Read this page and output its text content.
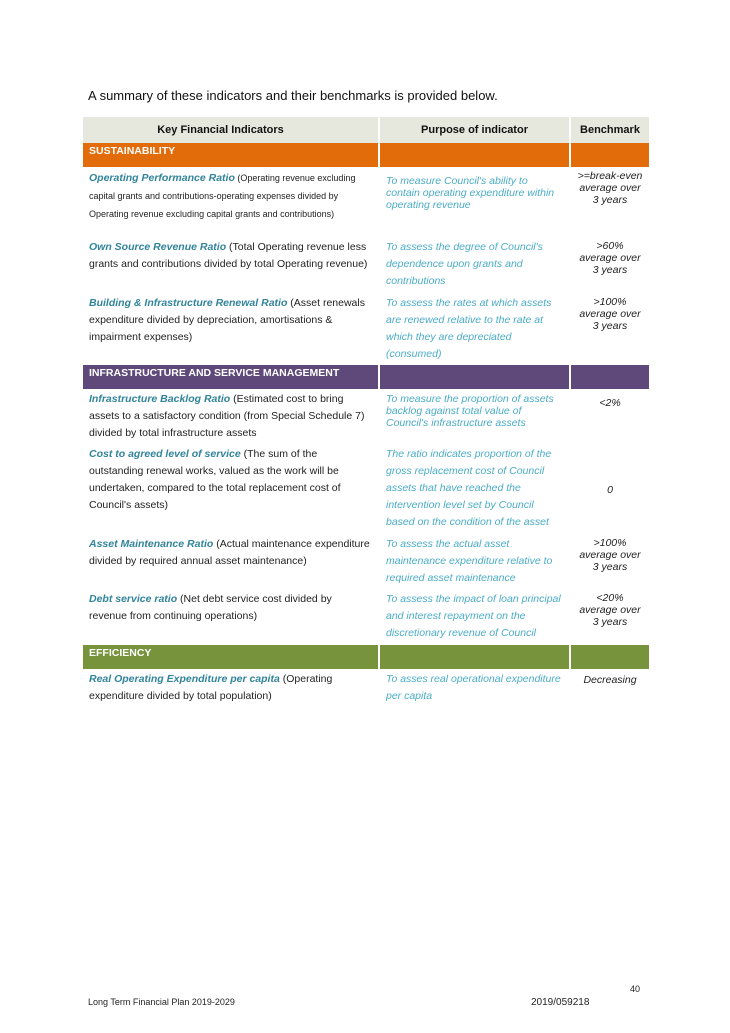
A summary of these indicators and their benchmarks is provided below.

Key Financial Indicators	Purpose of indicator	Benchmark
SUSTAINABILITY		
Operating Performance Ratio (Operating revenue excluding capital grants and contributions-operating expenses divided by Operating revenue excluding capital grants and contributions)	To measure Council's ability to contain operating expenditure within operating revenue	>=break-even average over 3 years
Own Source Revenue Ratio (Total Operating revenue less grants and contributions divided by total Operating revenue)	To assess the degree of Council's dependence upon grants and contributions	>60% average over 3 years
Building & Infrastructure Renewal Ratio (Asset renewals expenditure divided by depreciation, amortisations & impairment expenses)	To assess the rates at which assets are renewed relative to the rate at which they are depreciated (consumed)	>100% average over 3 years
INFRASTRUCTURE AND SERVICE MANAGEMENT		
Infrastructure Backlog Ratio (Estimated cost to bring assets to a satisfactory condition (from Special Schedule 7) divided by total infrastructure assets	To measure the proportion of assets backlog against total value of Council's infrastructure assets	<2%
Cost to agreed level of service (The sum of the outstanding renewal works, valued as the work will be undertaken, compared to the total replacement cost of Council's assets)	The ratio indicates proportion of the gross replacement cost of Council assets that have reached the intervention level set by Council based on the condition of the asset	0
Asset Maintenance Ratio (Actual maintenance expenditure divided by required annual asset maintenance)	To assess the actual asset maintenance expenditure relative to required asset maintenance	>100% average over 3 years
Debt service ratio (Net debt service cost divided by revenue from continuing operations)	To assess the impact of loan principal and interest repayment on the discretionary revenue of Council	<20% average over 3 years
EFFICIENCY		
Real Operating Expenditure per capita (Operating expenditure divided by total population)	To asses real operational expenditure per capita	Decreasing
40
Long Term Financial Plan 2019-2029	2019/059218
